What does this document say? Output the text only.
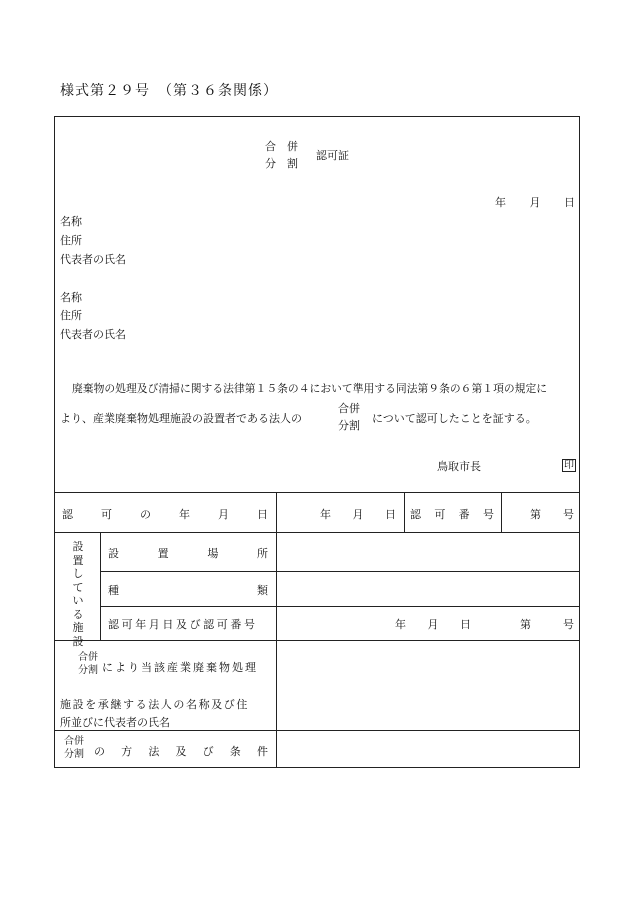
様式第２９号　（第３６条関係）
合　併
分　割
認可証
年 月 日
名称
住所
代表者の氏名
名称
住所
代表者の氏名
廃棄物の処理及び清掃に関する法律第１５条の４において準用する同法第９条の６第１項の規定に
より、産業廃棄物処理施設の設置者である法人の
合併
分割
について認可したことを証する。
鳥取市長	印
認	可	の	年	月	日	年 月 日 認 可 番 号	第 号
設置している施設
設	置	場	所
種	類
認可年月日及び認可番号	年 月 日	第	号
合併
分割 により当該産業廃棄物処理
施設を承継する法人の名称及び住
所並びに代表者の氏名
合併
分割 の 方 法 及 び 条 件
